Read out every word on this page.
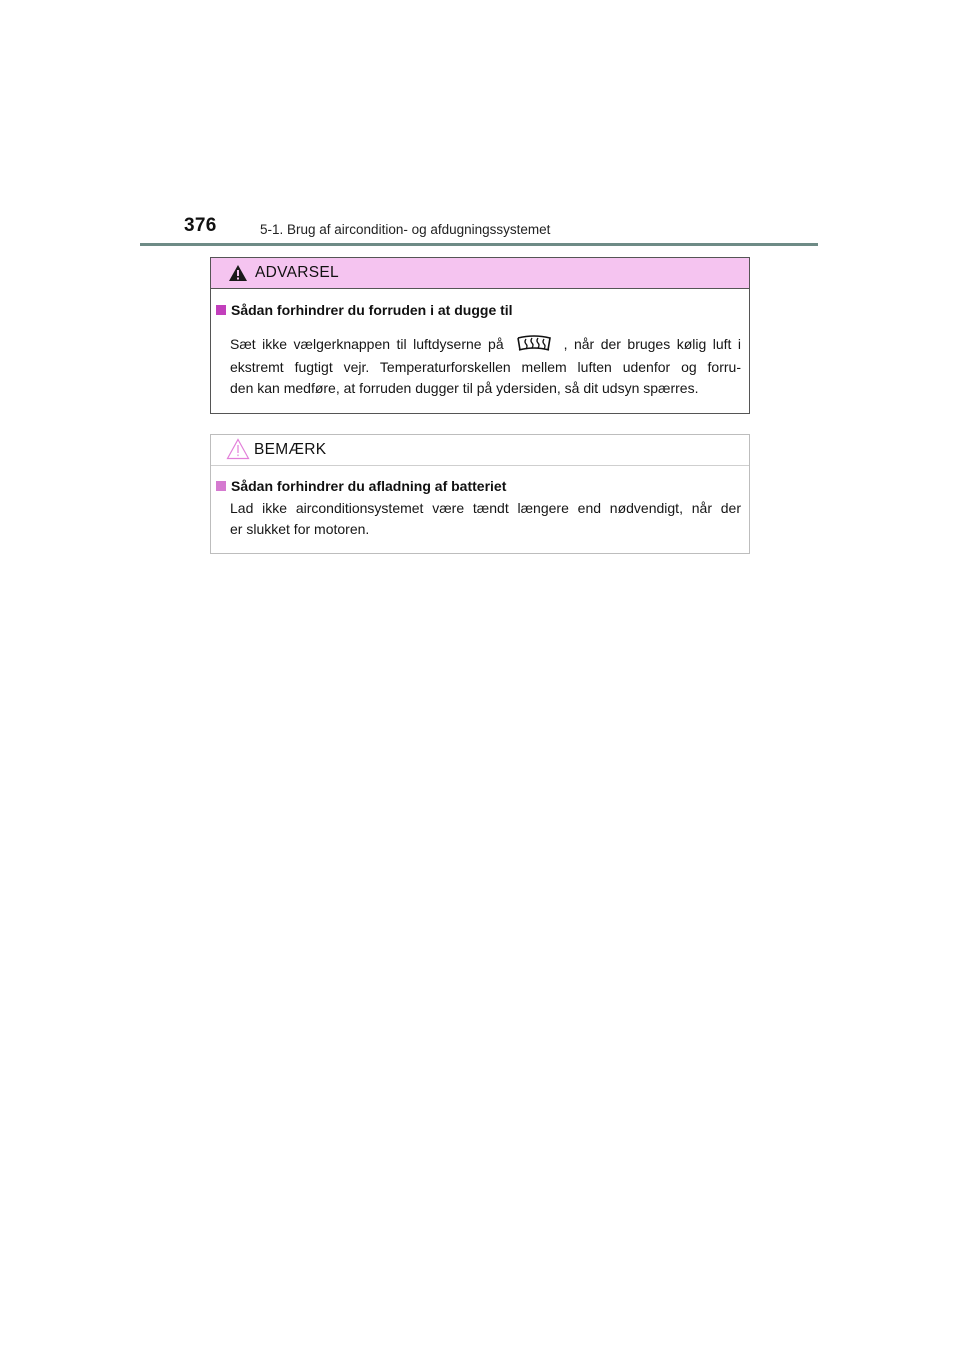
376	5-1. Brug af aircondition- og afdugningssystemet
ADVARSEL
Sådan forhindrer du forruden i at dugge til
Sæt ikke vælgerknappen til luftdyserne på	, når der bruges kølig luft i
ekstremt fugtigt vejr. Temperaturforskellen mellem luften udenfor og forru-
den kan medføre, at forruden dugger til på ydersiden, så dit udsyn spærres.
BEMÆRK
Sådan forhindrer du afladning af batteriet
Lad ikke airconditionsystemet være tændt længere end nødvendigt, når der
er slukket for motoren.
